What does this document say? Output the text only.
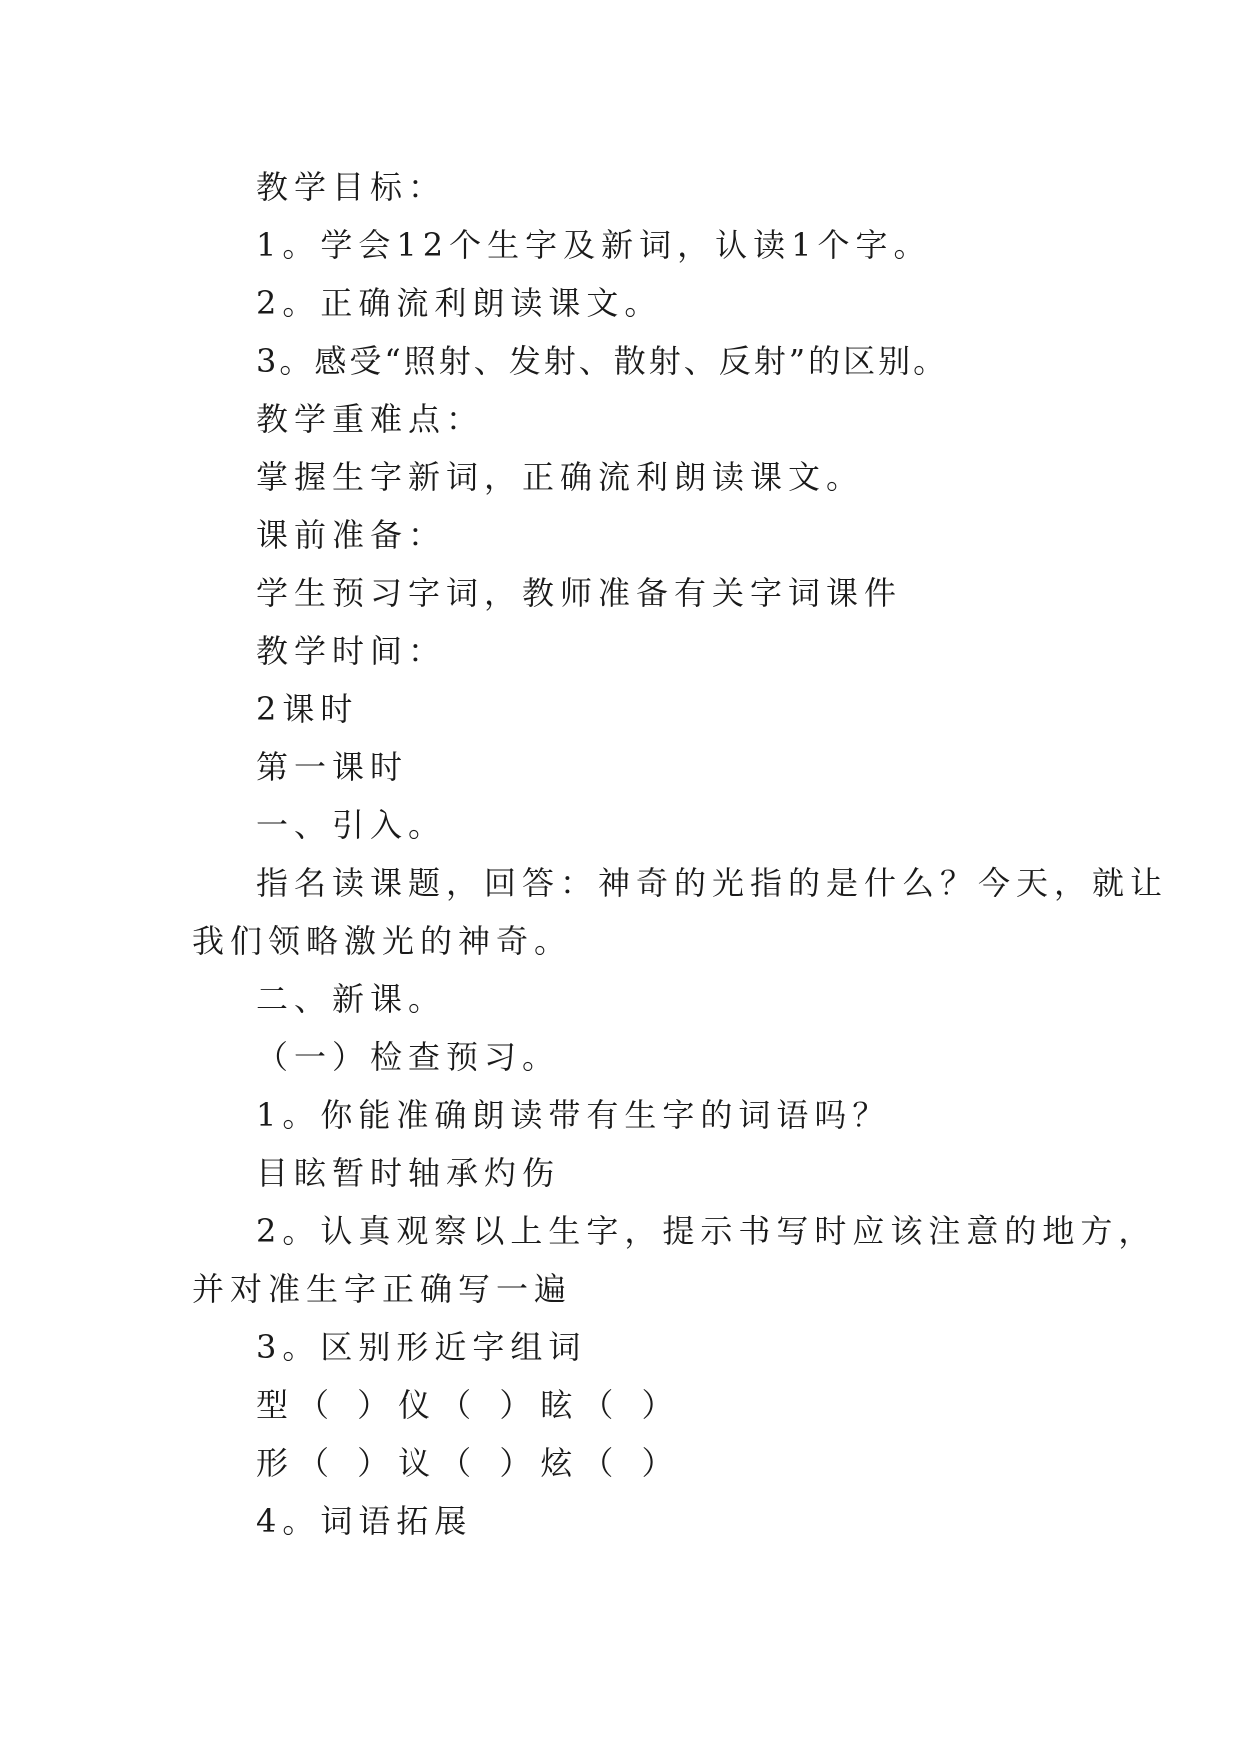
教学目标：
1。学会12个生字及新词，认读1个字。
2。正确流利朗读课文。
3。感受“照射、发射、散射、反射”的区别。
教学重难点：
掌握生字新词，正确流利朗读课文。
课前准备：
学生预习字词，教师准备有关字词课件
教学时间：
2课时
第一课时
一、引入。
指名读课题，回答：神奇的光指的是什么？今天，就让
我们领略激光的神奇。
二、新课。
（一）检查预习。
1。你能准确朗读带有生字的词语吗？
目眩暂时轴承灼伤
2。认真观察以上生字，提示书写时应该注意的地方，
并对准生字正确写一遍
3。区别形近字组词
型（ ）仪（ ）眩（ ）
形（ ）议（ ）炫（ ）
4。词语拓展
